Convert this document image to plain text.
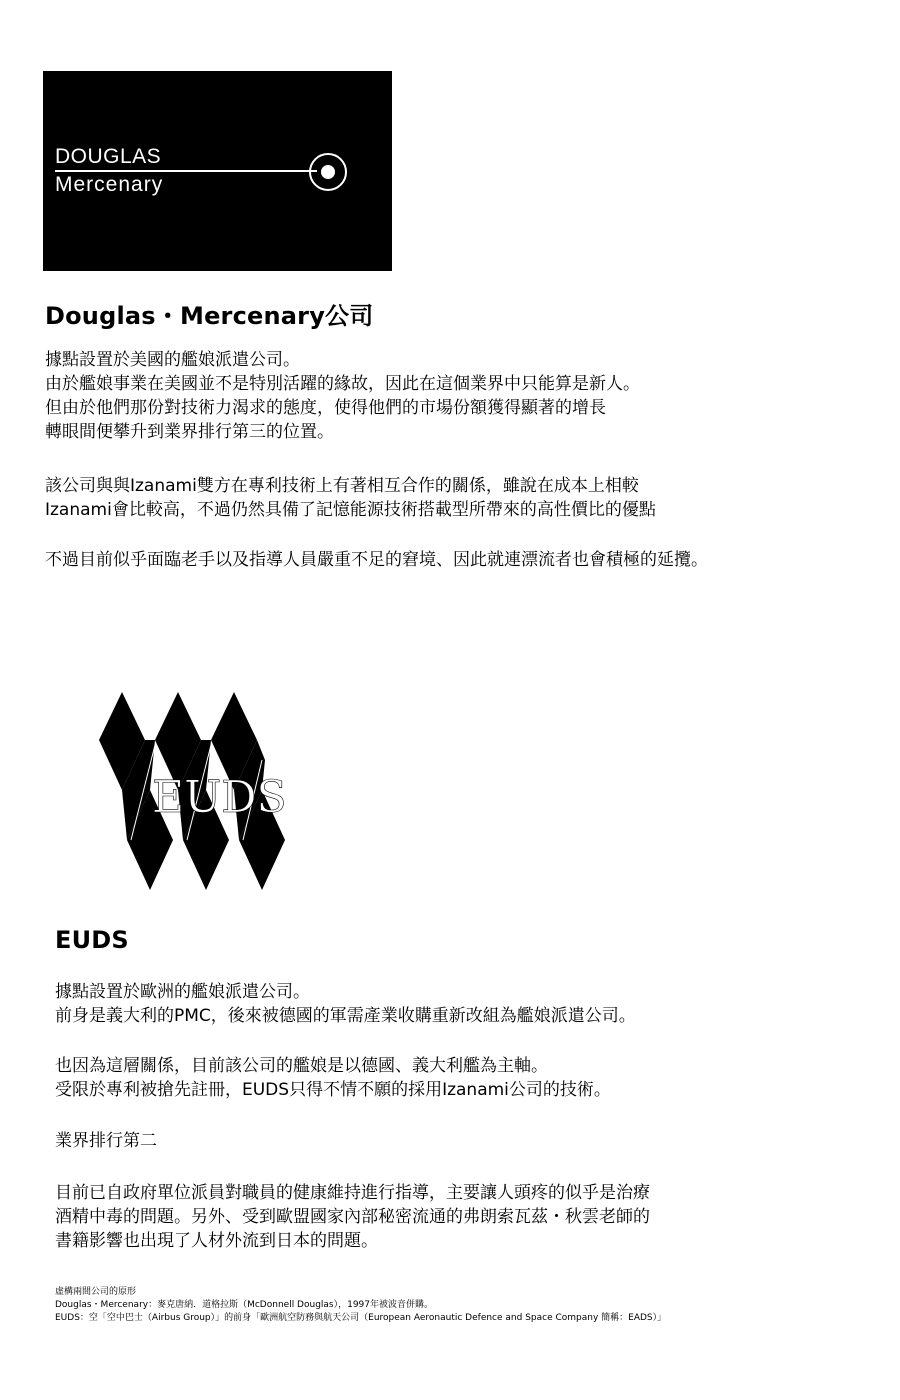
DOUGLAS
Mercenary
Douglas・Mercenary公司
據點設置於美國的艦娘派遣公司。
由於艦娘事業在美國並不是特別活躍的緣故，因此在這個業界中只能算是新人。
但由於他們那份對技術力渴求的態度，使得他們的市場份額獲得顯著的增長
轉眼間便攀升到業界排行第三的位置。
該公司與與Izanami雙方在專利技術上有著相互合作的關係，雖說在成本上相較
Izanami會比較高，不過仍然具備了記憶能源技術搭載型所帶來的高性價比的優點
不過目前似乎面臨老手以及指導人員嚴重不足的窘境、因此就連漂流者也會積極的延攬。
EUDS
EUDS
據點設置於歐洲的艦娘派遣公司。
前身是義大利的PMC，後來被德國的軍需產業收購重新改組為艦娘派遣公司。
也因為這層關係，目前該公司的艦娘是以德國、義大利艦為主軸。
受限於專利被搶先註冊，EUDS只得不情不願的採用Izanami公司的技術。
業界排行第二
目前已自政府單位派員對職員的健康維持進行指導，主要讓人頭疼的似乎是治療
酒精中毒的問題。另外、受到歐盟國家內部秘密流通的弗朗索瓦茲・秋雲老師的
書籍影響也出現了人材外流到日本的問題。
虛構兩間公司的原形
Douglas・Mercenary：麥克唐納．道格拉斯（McDonnell Douglas），1997年被波音併購。
EUDS：空「空中巴士（Airbus Group）」的前身「歐洲航空防務與航天公司（European Aeronautic Defence and Space Company 簡稱：EADS）」
